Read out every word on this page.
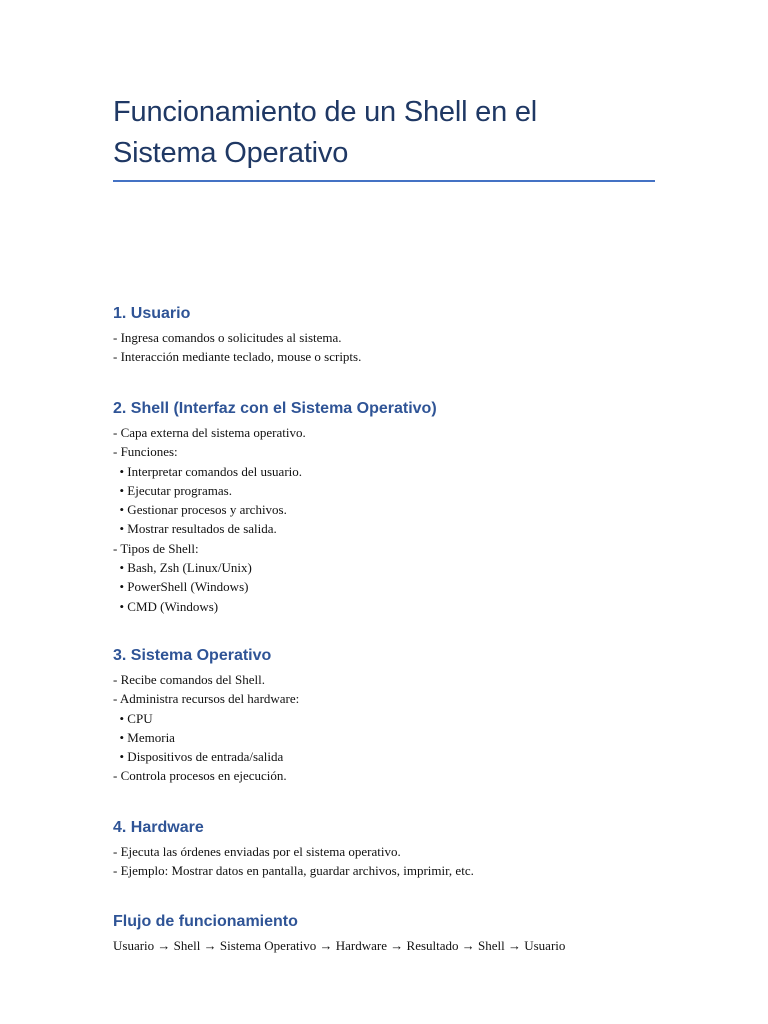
Funcionamiento de un Shell en el
Sistema Operativo
1. Usuario
- Ingresa comandos o solicitudes al sistema.
- Interacción mediante teclado, mouse o scripts.
2. Shell (Interfaz con el Sistema Operativo)
- Capa externa del sistema operativo.
- Funciones:
• Interpretar comandos del usuario.
• Ejecutar programas.
• Gestionar procesos y archivos.
• Mostrar resultados de salida.
- Tipos de Shell:
• Bash, Zsh (Linux/Unix)
• PowerShell (Windows)
• CMD (Windows)
3. Sistema Operativo
- Recibe comandos del Shell.
- Administra recursos del hardware:
• CPU
• Memoria
• Dispositivos de entrada/salida
- Controla procesos en ejecución.
4. Hardware
- Ejecuta las órdenes enviadas por el sistema operativo.
- Ejemplo: Mostrar datos en pantalla, guardar archivos, imprimir, etc.
Flujo de funcionamiento
Usuario → Shell → Sistema Operativo → Hardware → Resultado → Shell → Usuario
